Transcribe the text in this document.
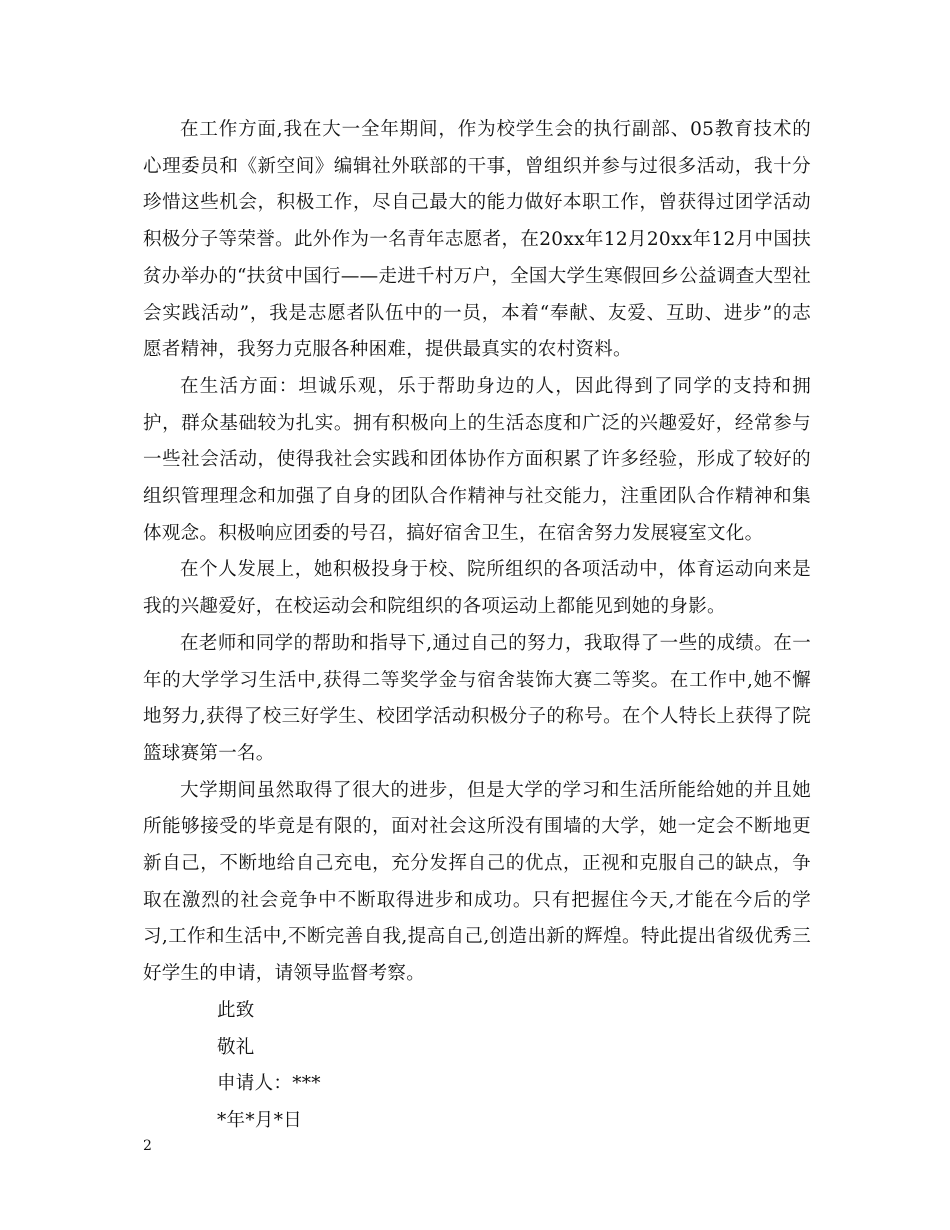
在工作方面,我在大一全年期间，作为校学生会的执行副部、05教育技术的心理委员和《新空间》编辑社外联部的干事，曾组织并参与过很多活动，我十分珍惜这些机会，积极工作，尽自己最大的能力做好本职工作，曾获得过团学活动积极分子等荣誉。此外作为一名青年志愿者，在20xx年12月20xx年12月中国扶贫办举办的“扶贫中国行——走进千村万户，全国大学生寒假回乡公益调查大型社会实践活动”，我是志愿者队伍中的一员，本着“奉献、友爱、互助、进步”的志愿者精神，我努力克服各种困难，提供最真实的农村资料。

在生活方面：坦诚乐观，乐于帮助身边的人，因此得到了同学的支持和拥护，群众基础较为扎实。拥有积极向上的生活态度和广泛的兴趣爱好，经常参与一些社会活动，使得我社会实践和团体协作方面积累了许多经验，形成了较好的组织管理理念和加强了自身的团队合作精神与社交能力，注重团队合作精神和集体观念。积极响应团委的号召，搞好宿舍卫生，在宿舍努力发展寝室文化。

在个人发展上，她积极投身于校、院所组织的各项活动中，体育运动向来是我的兴趣爱好，在校运动会和院组织的各项运动上都能见到她的身影。

在老师和同学的帮助和指导下,通过自己的努力，我取得了一些的成绩。在一年的大学学习生活中,获得二等奖学金与宿舍装饰大赛二等奖。在工作中,她不懈地努力,获得了校三好学生、校团学活动积极分子的称号。在个人特长上获得了院篮球赛第一名。

大学期间虽然取得了很大的进步，但是大学的学习和生活所能给她的并且她所能够接受的毕竟是有限的，面对社会这所没有围墙的大学，她一定会不断地更新自己，不断地给自己充电，充分发挥自己的优点，正视和克服自己的缺点，争取在激烈的社会竞争中不断取得进步和成功。只有把握住今天,才能在今后的学习,工作和生活中,不断完善自我,提高自己,创造出新的辉煌。特此提出省级优秀三好学生的申请，请领导监督考察。

此致

敬礼

申请人：***

*年*月*日

2
